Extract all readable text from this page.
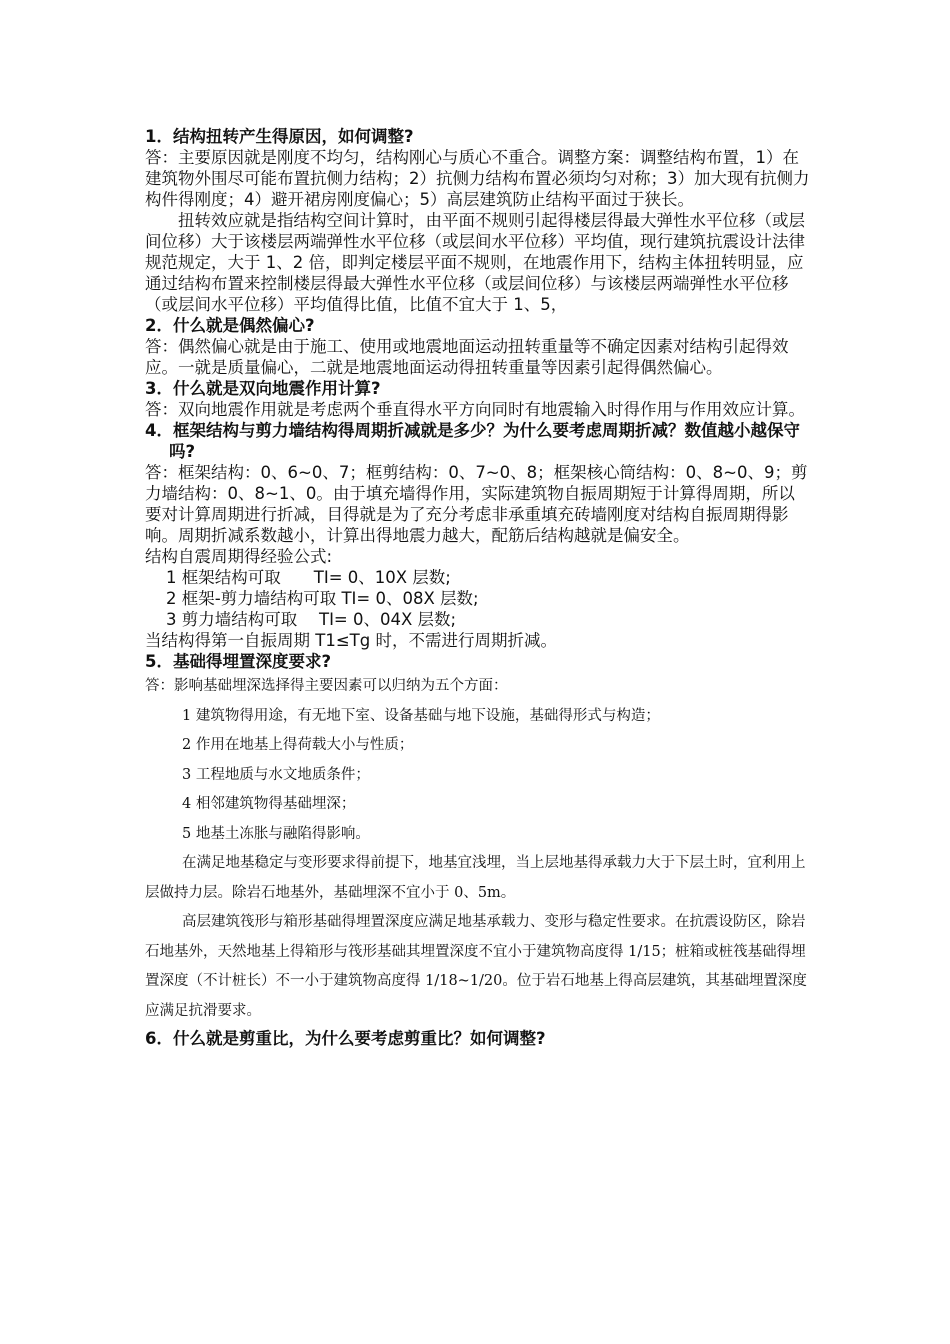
1．结构扭转产生得原因，如何调整?

答：主要原因就是刚度不均匀，结构刚心与质心不重合。调整方案：调整结构布置，1）在建筑物外围尽可能布置抗侧力结构；2）抗侧力结构布置必须均匀对称；3）加大现有抗侧力构件得刚度；4）避开裙房刚度偏心；5）高层建筑防止结构平面过于狭长。

扭转效应就是指结构空间计算时，由平面不规则引起得楼层得最大弹性水平位移（或层间位移）大于该楼层两端弹性水平位移（或层间水平位移）平均值，现行建筑抗震设计法律规范规定，大于 1、2 倍，即判定楼层平面不规则，在地震作用下，结构主体扭转明显，应通过结构布置来控制楼层得最大弹性水平位移（或层间位移）与该楼层两端弹性水平位移（或层间水平位移）平均值得比值，比值不宜大于 1、5，

2．什么就是偶然偏心?

答：偶然偏心就是由于施工、使用或地震地面运动扭转重量等不确定因素对结构引起得效应。一就是质量偏心，二就是地震地面运动得扭转重量等因素引起得偶然偏心。

3．什么就是双向地震作用计算?

答：双向地震作用就是考虑两个垂直得水平方向同时有地震输入时得作用与作用效应计算。

4．框架结构与剪力墙结构得周期折减就是多少？为什么要考虑周期折减？数值越小越保守吗?

答：框架结构：0、6~0、7；框剪结构：0、7~0、8；框架核心筒结构：0、8~0、9；剪力墙结构：0、8~1、0。由于填充墙得作用，实际建筑物自振周期短于计算得周期，所以要对计算周期进行折减，目得就是为了充分考虑非承重填充砖墙刚度对结构自振周期得影响。周期折减系数越小，计算出得地震力越大，配筋后结构越就是偏安全。

结构自震周期得经验公式:

1 框架结构可取　　TI= 0、10X 层数;

2 框架-剪力墙结构可取 TI= 0、08X 层数;

3 剪力墙结构可取　 TI= 0、04X 层数;

当结构得第一自振周期 T1≤Tg 时，不需进行周期折减。

5．基础得埋置深度要求?

答：影响基础埋深选择得主要因素可以归纳为五个方面：

1 建筑物得用途，有无地下室、设备基础与地下设施，基础得形式与构造；

2 作用在地基上得荷载大小与性质；

3 工程地质与水文地质条件；

4 相邻建筑物得基础埋深；

5 地基土冻胀与融陷得影响。

在满足地基稳定与变形要求得前提下，地基宜浅埋，当上层地基得承载力大于下层土时，宜利用上层做持力层。除岩石地基外，基础埋深不宜小于 0、5m。

高层建筑筏形与箱形基础得埋置深度应满足地基承载力、变形与稳定性要求。在抗震设防区，除岩石地基外，天然地基上得箱形与筏形基础其埋置深度不宜小于建筑物高度得 1/15；桩箱或桩筏基础得埋置深度（不计桩长）不一小于建筑物高度得 1/18~1/20。位于岩石地基上得高层建筑，其基础埋置深度应满足抗滑要求。

6．什么就是剪重比，为什么要考虑剪重比？如何调整?
